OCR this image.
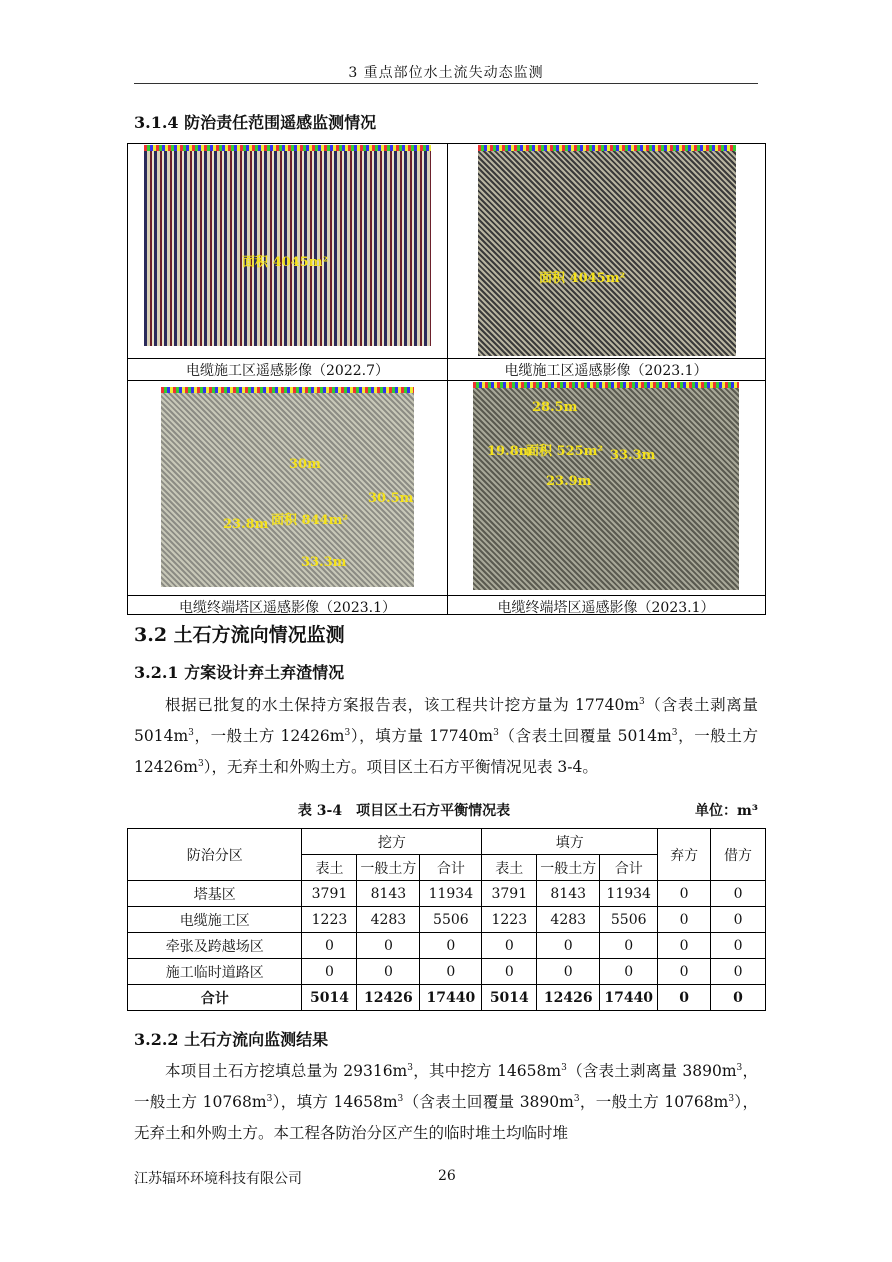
3 重点部位水土流失动态监测
3.1.4 防治责任范围遥感监测情况
面积 4045m²
电缆施工区遥感影像（2022.7）
面积 4045m²
电缆施工区遥感影像（2023.1）
30m
30.5m
23.8m 面积 844m²
33.3m
电缆终端塔区遥感影像（2023.1）
28.5m
19.8m
面积 525m² 33.3m
23.9m
电缆终端塔区遥感影像（2023.1）
3.2 土石方流向情况监测
3.2.1 方案设计弃土弃渣情况

根据已批复的水土保持方案报告表，该工程共计挖方量为 $17740m^3$（含表土剥离量 $5014m^3$，一般土方 $12426m^3$），填方量 $17740m^3$（含表土回覆量 $5014m^3$，一般土方 $12426m^3$），无弃土和外购土方。项目区土石方平衡情况见表 3-4。

表 3-4　项目区土石方平衡情况表	单位：m³
防治分区	挖方			填方			弃方	借方
	表土	一般土方	合计	表土	一般土方	合计		
塔基区	3791	8143	11934	3791	8143	11934	0	0
电缆施工区	1223	4283	5506	1223	4283	5506	0	0
牵张及跨越场区	0	0	0	0	0	0	0	0
施工临时道路区	0	0	0	0	0	0	0	0
合计	5014	12426	17440	5014	12426	17440	0	0
3.2.2 土石方流向监测结果

本项目土石方挖填总量为 $29316m^3$，其中挖方 $14658m^3$（含表土剥离量 $3890m^3$，一般土方 $10768m^3$），填方 $14658m^3$（含表土回覆量 $3890m^3$，一般土方 $10768m^3$），无弃土和外购土方。本工程各防治分区产生的临时堆土均临时堆

江苏辐环环境科技有限公司	26
